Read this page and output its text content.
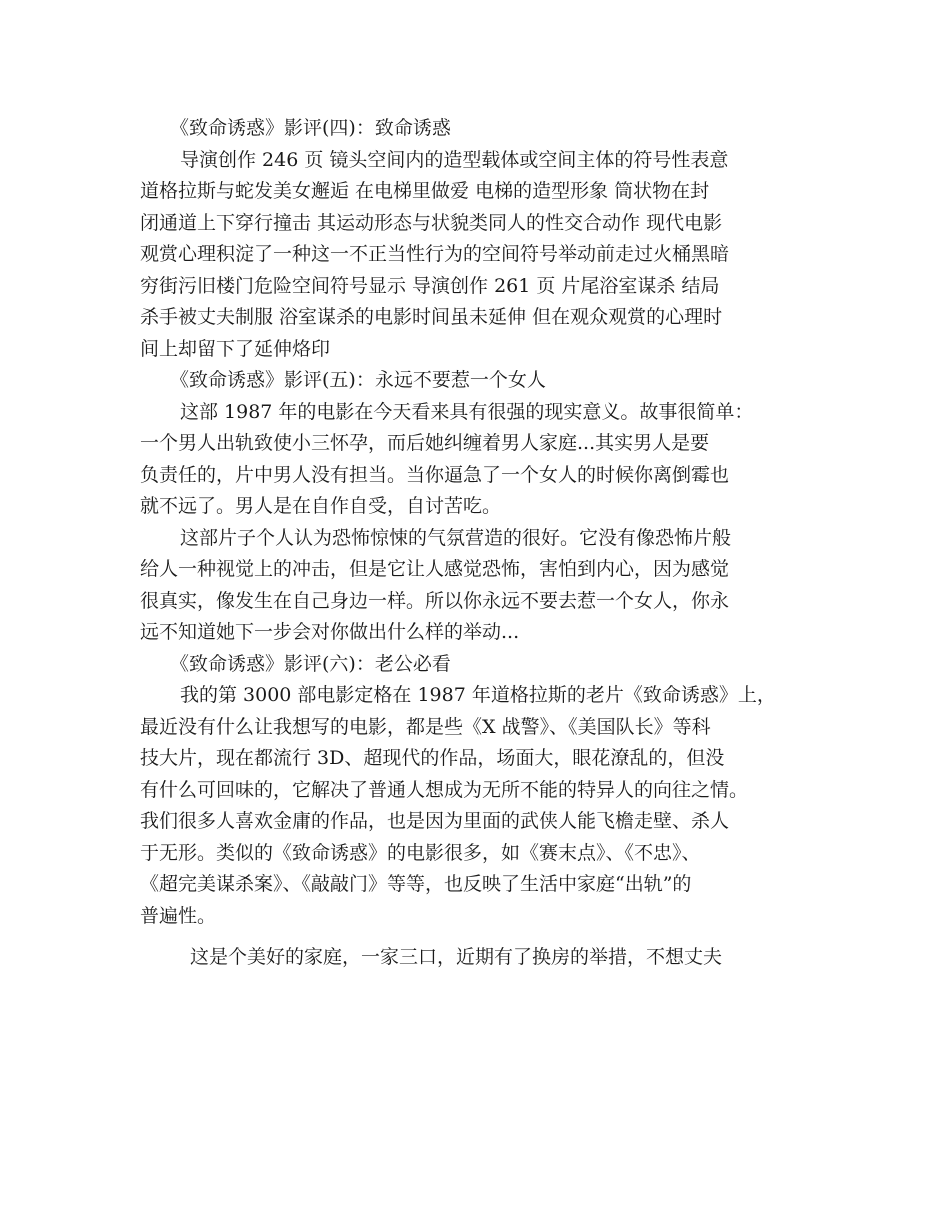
《致命诱惑》影评(四)：致命诱惑
导演创作 246 页 镜头空间内的造型载体或空间主体的符号性表意
道格拉斯与蛇发美女邂逅 在电梯里做爱 电梯的造型形象 筒状物在封
闭通道上下穿行撞击 其运动形态与状貌类同人的性交合动作 现代电影
观赏心理积淀了一种这一不正当性行为的空间符号举动前走过火桶黑暗
穷街污旧楼门危险空间符号显示 导演创作 261 页 片尾浴室谋杀 结局
杀手被丈夫制服 浴室谋杀的电影时间虽未延伸 但在观众观赏的心理时
间上却留下了延伸烙印
《致命诱惑》影评(五)：永远不要惹一个女人
这部 1987 年的电影在今天看来具有很强的现实意义。故事很简单：
一个男人出轨致使小三怀孕，而后她纠缠着男人家庭...其实男人是要
负责任的，片中男人没有担当。当你逼急了一个女人的时候你离倒霉也
就不远了。男人是在自作自受，自讨苦吃。
这部片子个人认为恐怖惊悚的气氛营造的很好。它没有像恐怖片般
给人一种视觉上的冲击，但是它让人感觉恐怖，害怕到内心，因为感觉
很真实，像发生在自己身边一样。所以你永远不要去惹一个女人，你永
远不知道她下一步会对你做出什么样的举动...
《致命诱惑》影评(六)：老公必看
我的第 3000 部电影定格在 1987 年道格拉斯的老片《致命诱惑》上，
最近没有什么让我想写的电影，都是些《X 战警》、《美国队长》等科
技大片，现在都流行 3D、超现代的作品，场面大，眼花潦乱的，但没
有什么可回味的，它解决了普通人想成为无所不能的特异人的向往之情。
我们很多人喜欢金庸的作品，也是因为里面的武侠人能飞檐走壁、杀人
于无形。类似的《致命诱惑》的电影很多，如《赛末点》、《不忠》、
《超完美谋杀案》、《敲敲门》等等，也反映了生活中家庭“出轨”的
普遍性。
这是个美好的家庭，一家三口，近期有了换房的举措，不想丈夫
